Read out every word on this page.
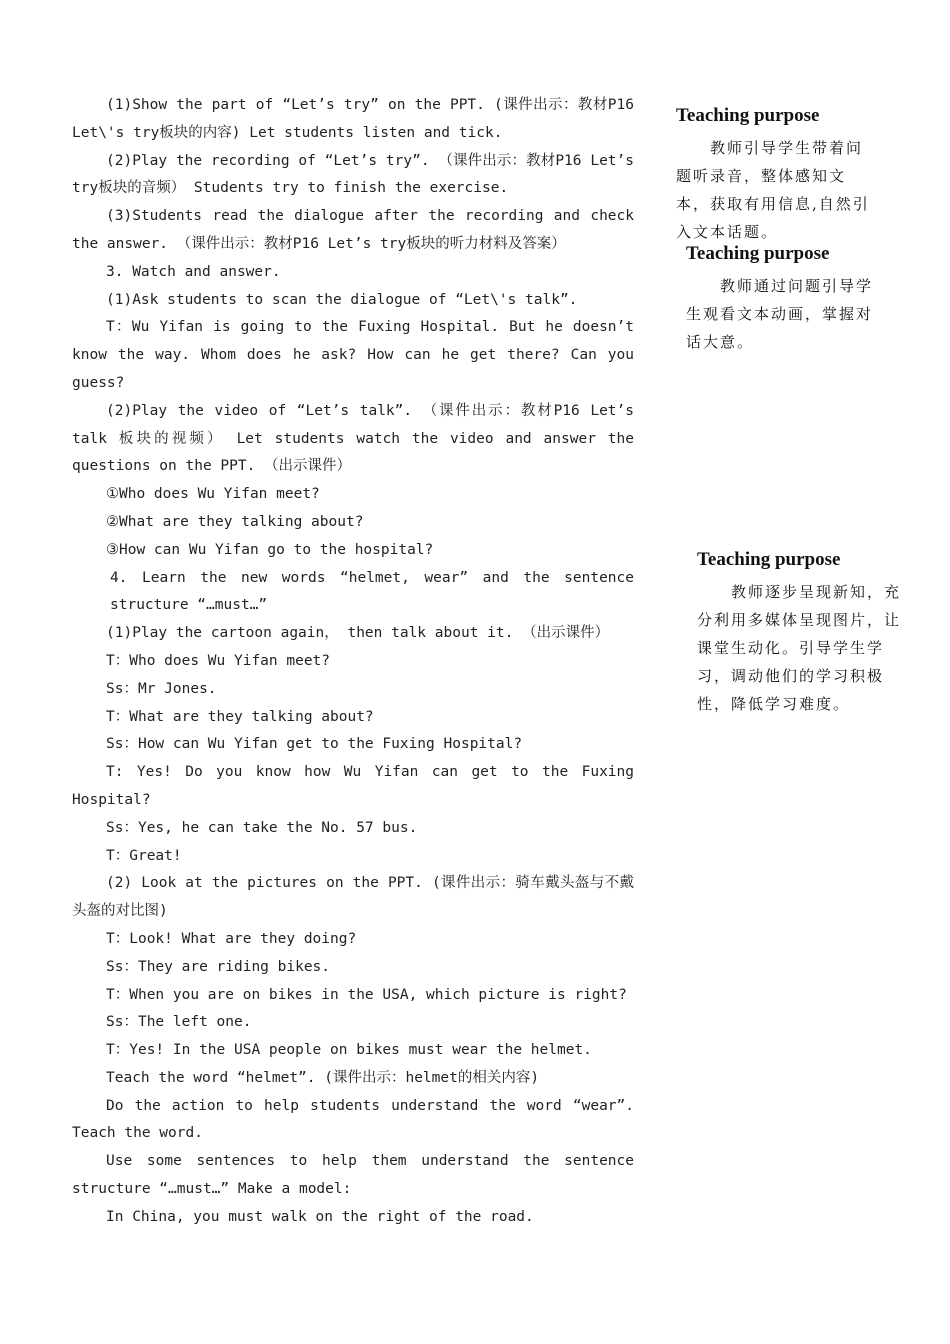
(1)Show the part of “Let’s try” on the PPT. (课件出示：教材P16 Let\'s try板块的内容) Let students listen and tick.

(2)Play the recording of “Let’s try”. （课件出示：教材P16 Let’s try板块的音频） Students try to finish the exercise.

(3)Students read the dialogue after the recording and check the answer. （课件出示：教材P16 Let’s try板块的听力材料及答案）

3. Watch and answer.

(1)Ask students to scan the dialogue of “Let\'s talk”.

T：Wu Yifan is going to the Fuxing Hospital. But he doesn’t know the way. Whom does he ask? How can he get there? Can you guess?

(2)Play the video of “Let’s talk”. （课件出示：教材P16 Let’s talk 板块的视频） Let students watch the video and answer the questions on the PPT. （出示课件）

①Who does Wu Yifan meet?

②What are they talking about?

③How can Wu Yifan go to the hospital?

4. Learn the new words “helmet, wear” and the sentence structure “…must…”

(1)Play the cartoon again， then talk about it. （出示课件）

T：Who does Wu Yifan meet?

Ss：Mr Jones.

T：What are they talking about?

Ss：How can Wu Yifan get to the Fuxing Hospital?

T: Yes! Do you know how Wu Yifan can get to the Fuxing Hospital?

Ss：Yes, he can take the No. 57 bus.

T：Great!

(2) Look at the pictures on the PPT. (课件出示：骑车戴头盔与不戴头盔的对比图)

T：Look! What are they doing?

Ss：They are riding bikes.

T：When you are on bikes in the USA, which picture is right?

Ss：The left one.

T：Yes! In the USA people on bikes must wear the helmet.

Teach the word “helmet”. (课件出示：helmet的相关内容)

Do the action to help students understand the word “wear”. Teach the word.

Use some sentences to help them understand the sentence structure “…must…” Make a model:

In China, you must walk on the right of the road.

Teaching purpose

教师引导学生带着问题听录音，整体感知文本，获取有用信息,自然引入文本话题。

Teaching purpose

教师通过问题引导学生观看文本动画，掌握对话大意。

Teaching purpose

教师逐步呈现新知，充分利用多媒体呈现图片，让课堂生动化。引导学生学习，调动他们的学习积极性，降低学习难度。
